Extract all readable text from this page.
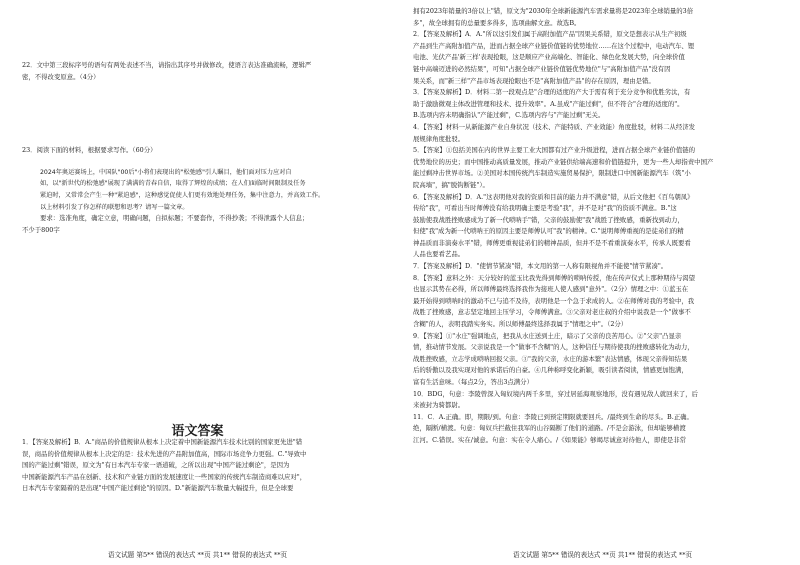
22．文中第三段标序号的语句有两处表述不当，请指出其序号并做修改，使语言表达准确流畅，逻辑严

密，不得改变原意。（4分）

23．阅读下面的材料，根据要求写作。（60分）

2024年奥运赛场上，中国队"00后"小将们表现出的"松弛感"引人瞩目，他们面对压力应对自
如，以"新世代的松弛感"展现了满满的青春自信，取得了辉煌的成绩；在人们面临时间限制及任务
紧迫时，又常常会产生一种"紧迫感"，这种感觉促使人们更有效地处理任务，集中注意力，并高效工作。
以上材料引发了你怎样的联想和思考？请写一篇文章。

要求：选准角度，确定立意，明确问题，自拟标题；不要套作，不得抄袭；不得泄露个人信息；

不少于800字

语文答案

1．【答案及解析】B．A."商品的价值规律从根本上决定着中国新能源汽车技术比别的国家更先进"错

误，商品的价值规律从根本上决定的是：技术先进的产品附加值高，国际市场竞争力更强。C."导致中

国的产能过剩"错误，原文为"有日本汽车专家一语道破，之所以出现"中国产能过剩论"，是因为

中国新能源汽车产品在创新、技术和产业链方面的发展速度让一些国家的传统汽车制造商难以应对"，

日本汽车专家隔着的是出现"中国产能过剩论"的原因。D."新能源汽车数量大幅提升，但是全球要

语文试题 第5** 错误的表达式 **页 共1** 错误的表达式 **页

拥有2023年销量的3倍以上"错，原文为"2030年全球新能源汽车需求量将是2023年全球销量的3倍

多"，故全球拥有的总量要多得多，选项曲解文意。故选B。

2．【答案及解析】A．A."所以这引发们属于高附加值产品"因果关系错，原文是想表示从生产初级

产品到生产高附加值产品，进而占据全球产业链价值链的优势地位……在这个过程中，电动汽车、锂

电池、光伏产品'新三样'表现抢眼，这是顺应产业高端化、智能化、绿色化发展大势，向全球价值

链中高端迈进的必然结果"，可知"占据全球产业链价值链优势地位"与"高附加值产品"没有因

果关系，而"新三样"产品市场表现抢眼也不是"高附加值产品"的存在原因，理由是错。

3．【答案及解析】D．材料二第一段观点是"合理的适度的产大于需有利于充分竞争和优胜劣汰，有

助于激励微观主体改进管理和技术、提升效率"。A.虽成"产能过剩"，但不符合"合理的适度的"。

B.选项内容未明确指认"产能过剩"，C.选项内容与"产能过剩"无关。

4．【答案】材料一从新能源产业自身状况（技术、产能特质、产业效能）角度批驳，材料二从经济发

展规律角度批驳。

5．【答案】①包括美国在内的世界主要工业大国都有过产业升级进程，进而占据全球产业链价值链的

优势地位的历史；而中国推动高质量发展，推动产业链供给端高速和价值链提升，更为一些人却指责中国产

能过剩冲击世界市场。②美国对本国传统汽车制造实施贸易保护，限制进口中国新能源汽车（筑"小

院高墙"，搞"脱钩断链"）。

6．【答案及解析】D．A."这表明他对我的资质和目前的能力并不满意"错，从后文他把《百鸟朝凤》

传给"我"，可看出当时师傅没有给我明确主要是考验"我"，并不是对"我"的资质不满意。B."这

鼓励使我战胜挫败感成为了新一代唢呐手"错，父亲的鼓励使"我"战胜了挫败感，重新找到动力，

但使"我"成为新一代唢呐王的原因主要是师傅认可"我"的精神。C."说明师傅重视的是徒弟们的精

神品质而非演奏水平"错，师傅更重视徒弟们的精神品质，但并不是不看重演奏水平，传承人既要看

人品也要看艺品。

7．【答案及解析】D．"使情节紧凑"错，本文用的第一人称有限视角并不能使"情节紧凑"。

8．【答案】意料之外：天分较好的蓝玉比我先得到师傅的唢呐传授，他在传声仪式上那种期待与渴望

也显示其势在必得，所以师傅最终选择我作为接班人使人感到"意外"。（2分）情理之中：①蓝玉在

最开始得到唢呐时的激动不已与追不及待，表明他是一个急于求成的人。②在师傅对我的考验中，我

战胜了挫败感，意志坚定地回主压学习，令师傅满意。③父亲对老庄叔的介绍中说我是一个"做事不

含糊"的人，表明我踏实务实。所以师傅最终选择我属于"情理之中"。（2分）

9．【答案】①"水庄"强调地点，把我从水庄送到土庄，暗示了父亲的良苦用心。②"父亲"凸显亲

情，推动情节发展。父亲说我是一个"做事不含糊"的人，这种信任与期待使我的挫败感转化为动力，

战胜挫败感，立志学成唢呐回报父亲。③"我的父亲，水庄的游本繁"表达情感，体现父亲得知结果

后的骄傲以及我实现对他的承诺后的自豪。④几种称呼变化新颖，吸引读者阅读，情感更加饱满，

富有生活意味。（每点2分，答出3点满分）

10．BDG，句意：李陵曾深入匈奴境内两千多里，穿过居延海观察地形，没有遇见敌人就回来了，后

来被封为骑都尉。

11．C．A.正确。即，期限/到。句意：李陵已到预定期限就要回兵。/最终到生命的尽头。B.正确。

绝，隔断/横渡。句意：匈奴兵拦截住我军的山谷隔断了他们的道路。/不是会游泳，但却能够横渡

江河。C.错误。实在/诚意。句意：实在令人痛心。/《如果能》够竭尽诚意对待他人，即使是非常

语文试题 第5** 错误的表达式 **页 共1** 错误的表达式 **页
